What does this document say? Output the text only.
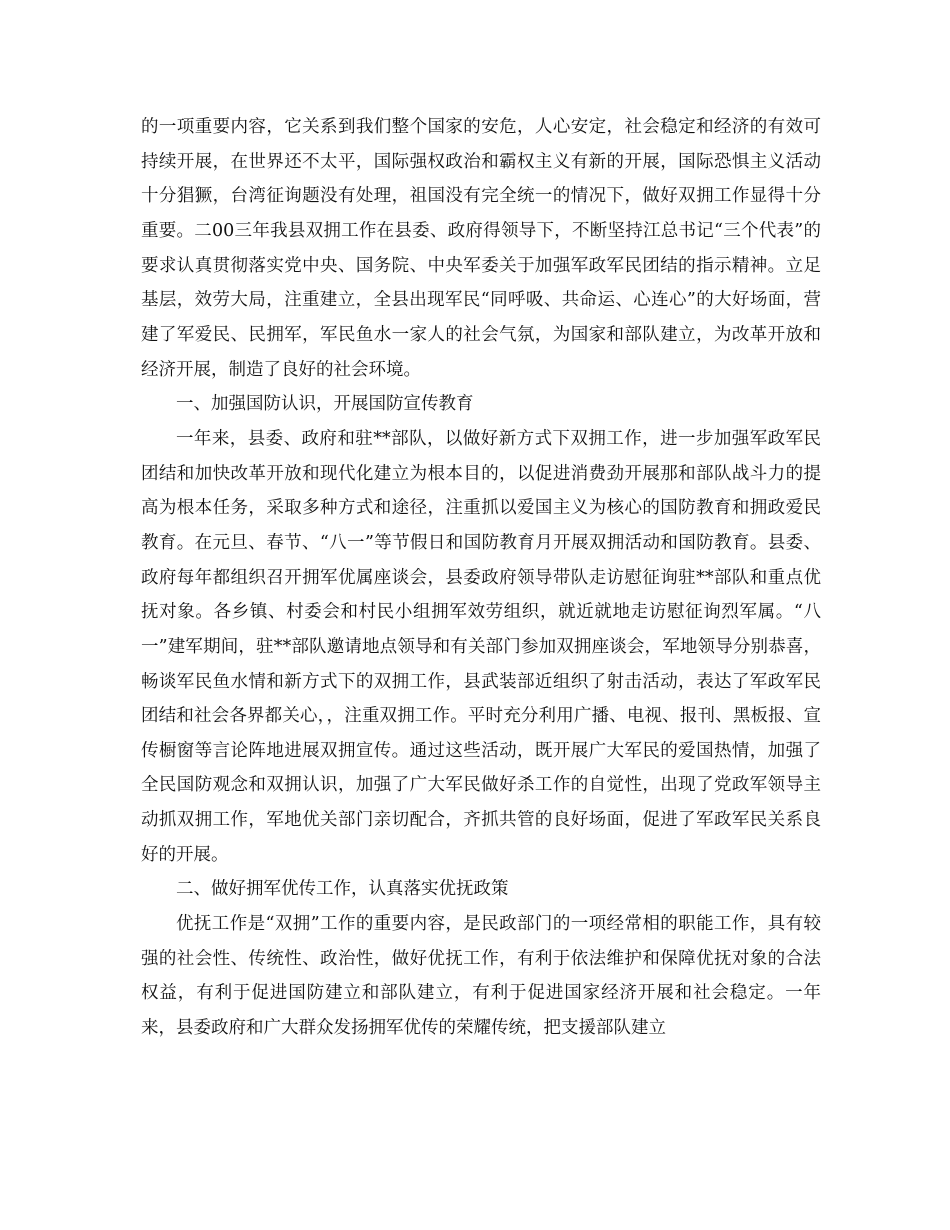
的一项重要内容，它关系到我们整个国家的安危，人心安定，社会稳定和经济的有效可持续开展，在世界还不太平，国际强权政治和霸权主义有新的开展，国际恐惧主义活动十分猖獗，台湾征询题没有处理，祖国没有完全统一的情况下，做好双拥工作显得十分重要。二00三年我县双拥工作在县委、政府得领导下，不断坚持江总书记“三个代表”的要求认真贯彻落实党中央、国务院、中央军委关于加强军政军民团结的指示精神。立足基层，效劳大局，注重建立，全县出现军民“同呼吸、共命运、心连心”的大好场面，营建了军爱民、民拥军，军民鱼水一家人的社会气氛，为国家和部队建立，为改革开放和经济开展，制造了良好的社会环境。

一、加强国防认识，开展国防宣传教育

一年来，县委、政府和驻**部队，以做好新方式下双拥工作，进一步加强军政军民团结和加快改革开放和现代化建立为根本目的，以促进消费劲开展那和部队战斗力的提高为根本任务，采取多种方式和途径，注重抓以爱国主义为核心的国防教育和拥政爱民教育。在元旦、春节、“八一”等节假日和国防教育月开展双拥活动和国防教育。县委、政府每年都组织召开拥军优属座谈会，县委政府领导带队走访慰征询驻**部队和重点优抚对象。各乡镇、村委会和村民小组拥军效劳组织，就近就地走访慰征询烈军属。“八一”建军期间，驻**部队邀请地点领导和有关部门参加双拥座谈会，军地领导分别恭喜，畅谈军民鱼水情和新方式下的双拥工作，县武装部近组织了射击活动，表达了军政军民团结和社会各界都关心，，注重双拥工作。平时充分利用广播、电视、报刊、黑板报、宣传橱窗等言论阵地进展双拥宣传。通过这些活动，既开展广大军民的爱国热情，加强了全民国防观念和双拥认识，加强了广大军民做好杀工作的自觉性，出现了党政军领导主动抓双拥工作，军地优关部门亲切配合，齐抓共管的良好场面，促进了军政军民关系良好的开展。

二、做好拥军优传工作，认真落实优抚政策

优抚工作是“双拥”工作的重要内容，是民政部门的一项经常相的职能工作，具有较强的社会性、传统性、政治性，做好优抚工作，有利于依法维护和保障优抚对象的合法权益，有利于促进国防建立和部队建立，有利于促进国家经济开展和社会稳定。一年来，县委政府和广大群众发扬拥军优传的荣耀传统，把支援部队建立
